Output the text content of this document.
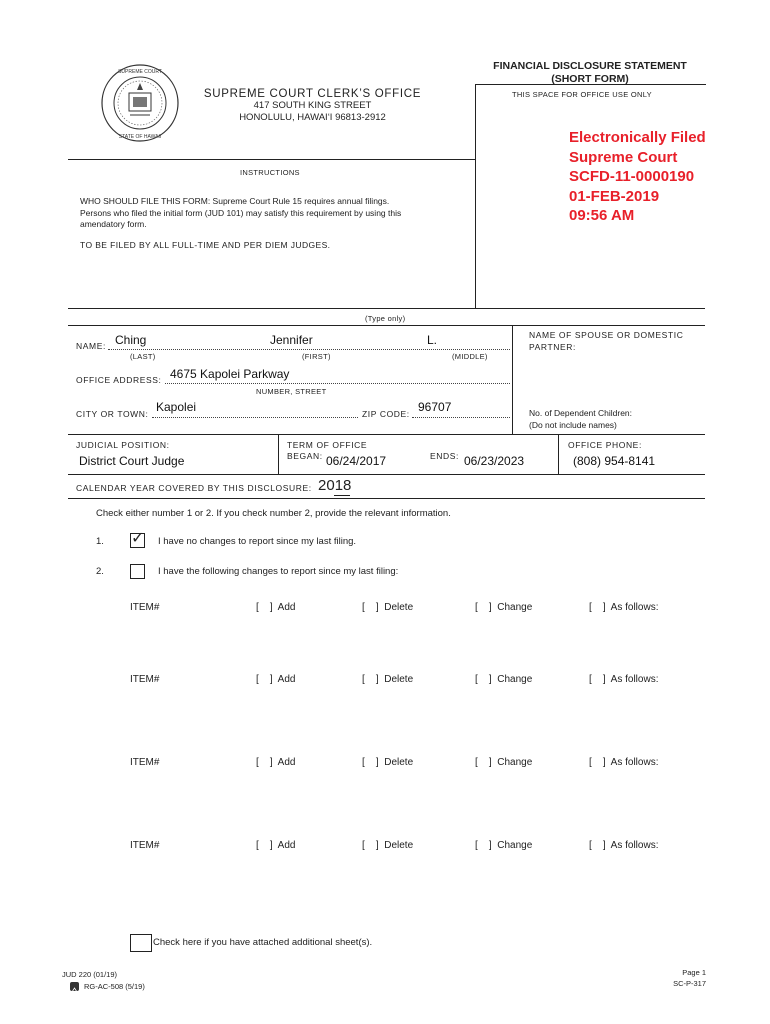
FINANCIAL DISCLOSURE STATEMENT
(SHORT FORM)
SUPREME COURT
STATE OF HAWAII
SUPREME COURT CLERK’S OFFICE
417 SOUTH KING STREET
HONOLULU, HAWAI‘I 96813-2912
THIS SPACE FOR OFFICE USE ONLY
Electronically Filed
Supreme Court
SCFD-11-0000190
01-FEB-2019
09:56 AM
INSTRUCTIONS
WHO SHOULD FILE THIS FORM: Supreme Court Rule 15 requires annual filings.
Persons who filed the initial form (JUD 101) may satisfy this requirement by using this
amendatory form.
TO BE FILED BY ALL FULL-TIME AND PER DIEM JUDGES.
(Type only)
NAME: Ching	Jennifer	L.
(LAST)	(FIRST)	(MIDDLE)
NAME OF SPOUSE OR DOMESTIC
PARTNER:
OFFICE ADDRESS: 4675 Kapolei Parkway
NUMBER, STREET
CITY OR TOWN: Kapolei	ZIP CODE: 96707	No. of Dependent Children:
(Do not include names)
JUDICIAL POSITION:
District Court Judge
TERM OF OFFICE
BEGAN: 06/24/2017	ENDS: 06/23/2023
OFFICE PHONE:
(808) 954-8141
CALENDAR YEAR COVERED BY THIS DISCLOSURE: 2018
Check either number 1 or 2. If you check number 2, provide the relevant information.
1. ✓ I have no changes to report since my last filing.
2.	I have the following changes to report since my last filing:
ITEM#	[    ]  Add	[    ]  Delete	[    ]  Change	[    ]  As follows:
ITEM#	[    ]  Add	[    ]  Delete	[    ]  Change	[    ]  As follows:
ITEM#	[    ]  Add	[    ]  Delete	[    ]  Change	[    ]  As follows:
ITEM#	[    ]  Add	[    ]  Delete	[    ]  Change	[    ]  As follows:
Check here if you have attached additional sheet(s).
JUD 220 (01/19)
RG-AC-508 (5/19)
Page 1
SC-P-317
